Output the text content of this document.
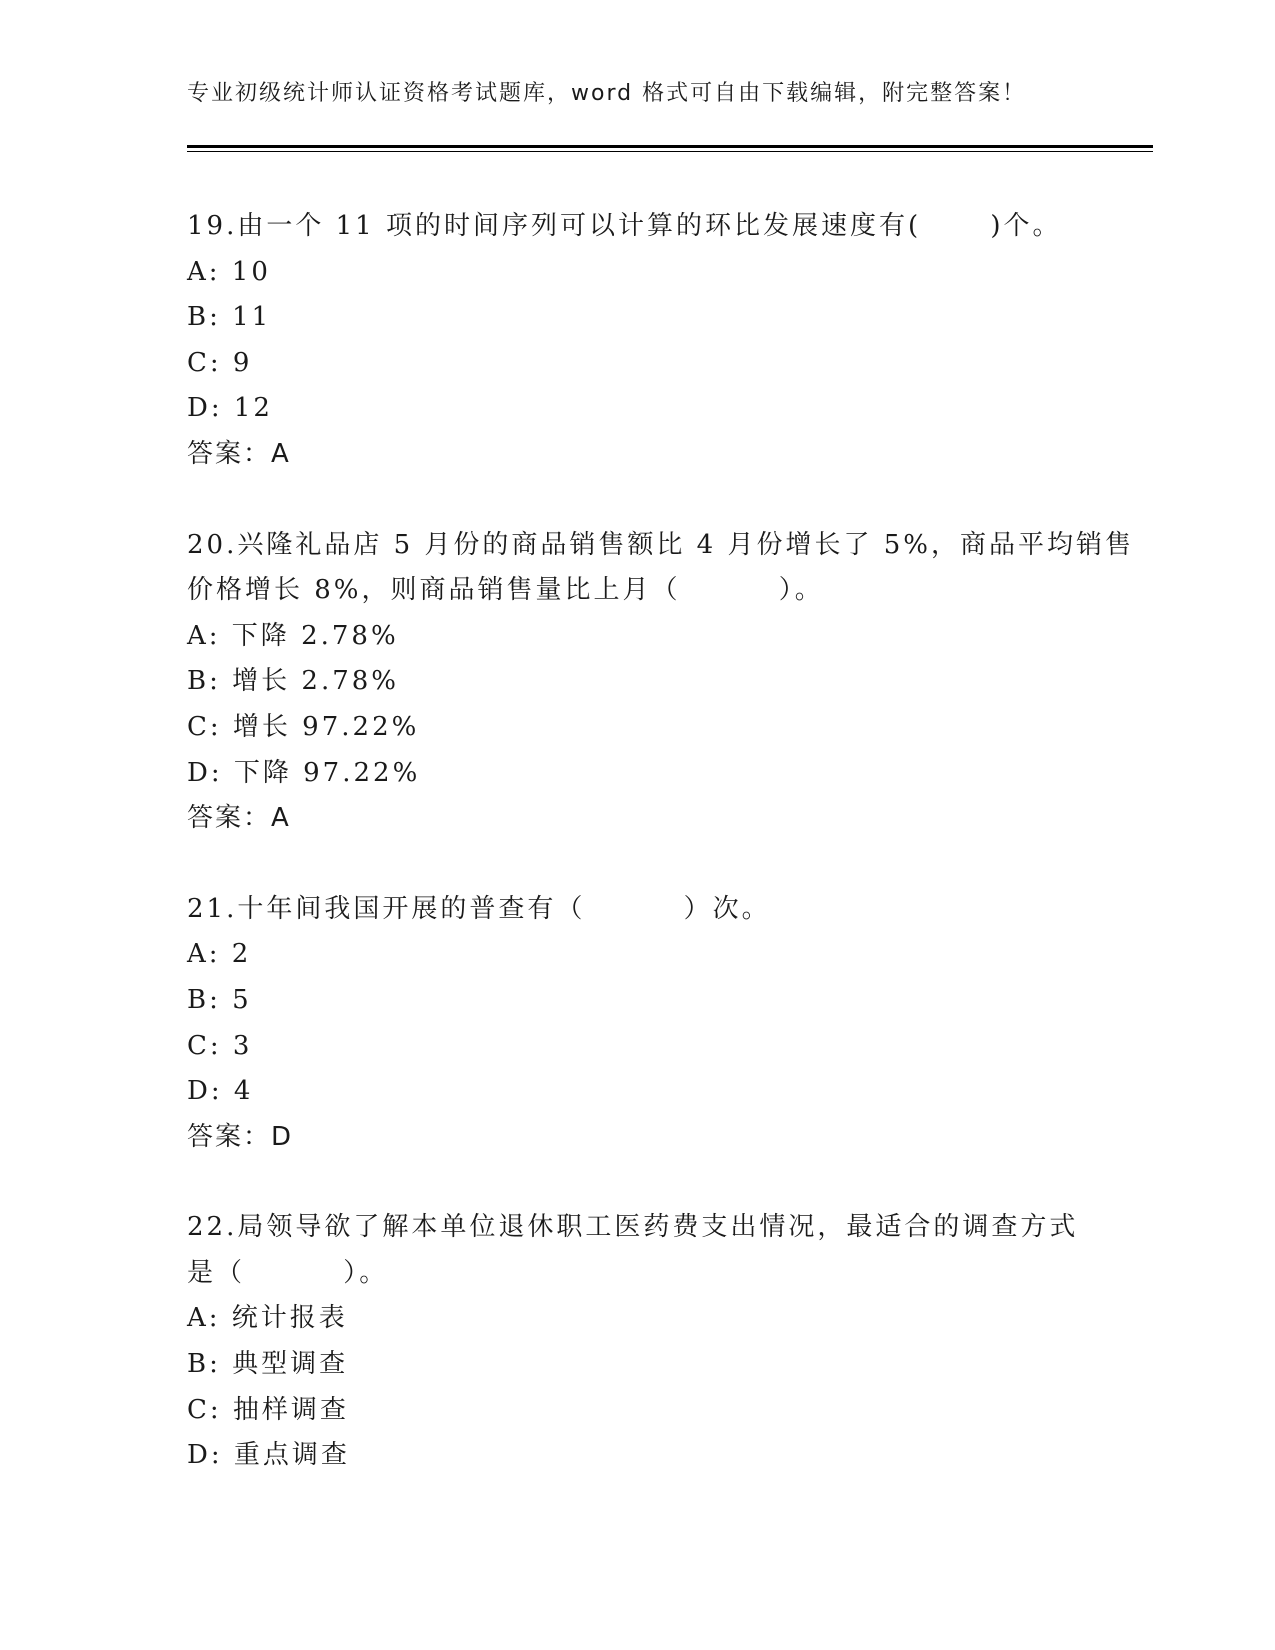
专业初级统计师认证资格考试题库，word 格式可自由下载编辑，附完整答案！
19.由一个 11 项的时间序列可以计算的环比发展速度有(　　 )个。
A: 10
B: 11
C: 9
D: 12
答案：A
20.兴隆礼品店 5 月份的商品销售额比 4 月份增长了 5%，商品平均销售
价格增长 8%，则商品销售量比上月（　　　 ）。
A: 下降 2.78%
B: 增长 2.78%
C: 增长 97.22%
D: 下降 97.22%
答案：A
21.十年间我国开展的普查有（　　　 ）次。
A: 2
B: 5
C: 3
D: 4
答案：D
22.局领导欲了解本单位退休职工医药费支出情况，最适合的调查方式
是（　　　 ）。
A: 统计报表
B: 典型调查
C: 抽样调查
D: 重点调查
